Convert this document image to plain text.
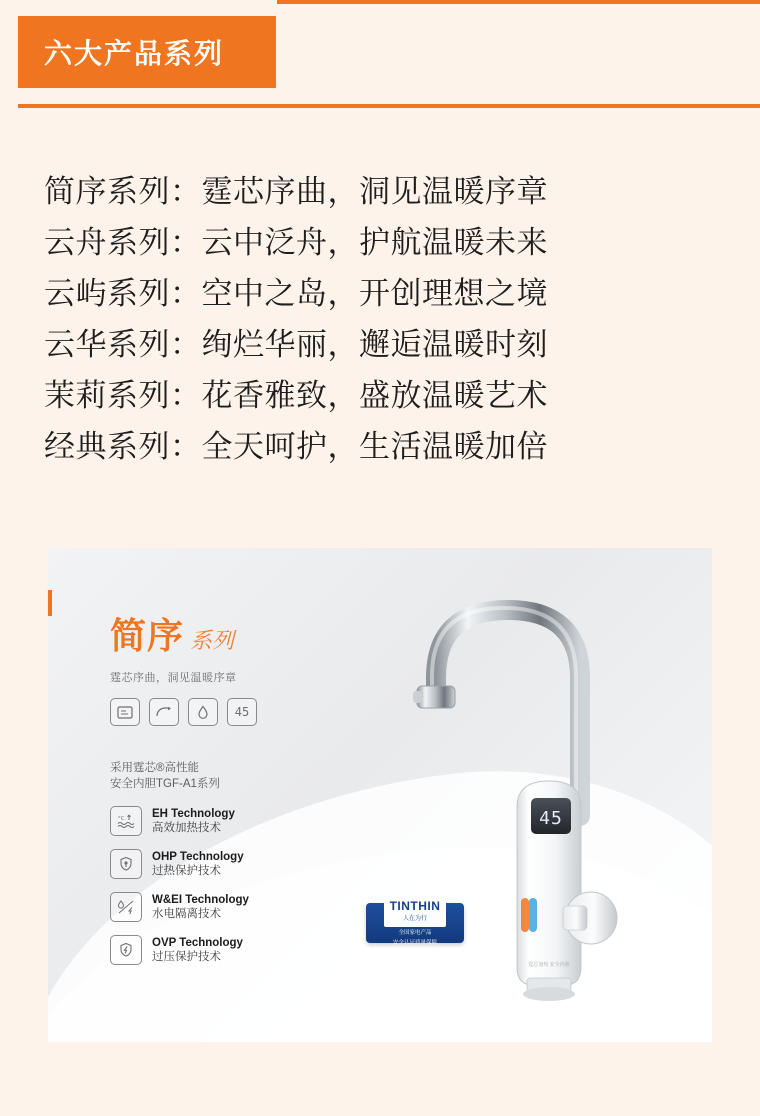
六大产品系列
简序系列：霆芯序曲，洞见温暖序章
云舟系列：云中泛舟，护航温暖未来
云屿系列：空中之岛，开创理想之境
云华系列：绚烂华丽，邂逅温暖时刻
茉莉系列：花香雅致，盛放温暖艺术
经典系列：全天呵护，生活温暖加倍
简序 系列
霆芯序曲，洞见温暖序章
45
采用霆芯®高性能
安全内胆TGF-A1系列
°C EH Technology
高效加热技术
OHP Technology
过热保护技术
W&EI Technology
水电隔离技术
OVP Technology
过压保护技术
TINTHIN
人在为行
全国家电产品
安全认证质量保障
45
霆芯加热 安全内胆
